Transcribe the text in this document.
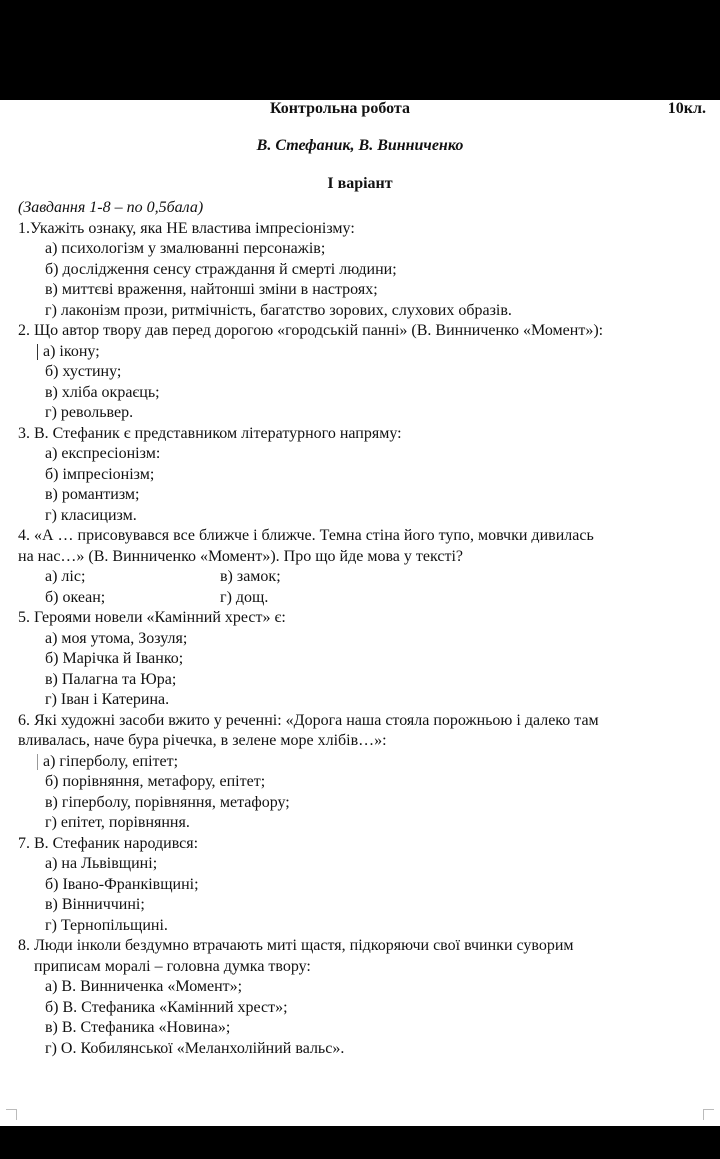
Контрольна робота	10кл.
В. Стефаник, В. Винниченко
І варіант
(Завдання 1-8 – по 0,5бала)
1.Укажіть ознаку, яка НЕ властива імпресіонізму:
а) психологізм у змалюванні персонажів;
б) дослідження сенсу страждання й смерті людини;
в) миттєві враження, найтонші зміни в настроях;
г) лаконізм прози, ритмічність, багатство зорових, слухових образів.
2. Що автор твору дав перед дорогою «городській панні» (В. Винниченко «Момент»):
а) ікону;
б) хустину;
в) хліба окраєць;
г) револьвер.
3. В. Стефаник є представником літературного напряму:
а) експресіонізм:
б) імпресіонізм;
в) романтизм;
г) класицизм.
4. «А … присовувався все ближче і ближче. Темна стіна його тупо, мовчки дивилась
на нас…» (В. Винниченко «Момент»). Про що йде мова у тексті?
а) ліс;	в) замок;
б) океан;	г) дощ.
5. Героями новели «Камінний хрест» є:
а) моя утома, Зозуля;
б) Марічка й Іванко;
в) Палагна та Юра;
г) Іван і Катерина.
6. Які художні засоби вжито у реченні: «Дорога наша стояла порожньою і далеко там
вливалась, наче бура річечка, в зелене море хлібів…»:
а) гіперболу, епітет;
б) порівняння, метафору, епітет;
в) гіперболу, порівняння, метафору;
г) епітет, порівняння.
7. В. Стефаник народився:
а) на Львівщині;
б) Івано-Франківщині;
в) Вінниччині;
г) Тернопільщині.
8. Люди інколи бездумно втрачають миті щастя, підкоряючи свої вчинки суворим
приписам моралі – головна думка твору:
а) В. Винниченка «Момент»;
б) В. Стефаника «Камінний хрест»;
в) В. Стефаника «Новина»;
г) О. Кобилянської «Меланхолійний вальс».
